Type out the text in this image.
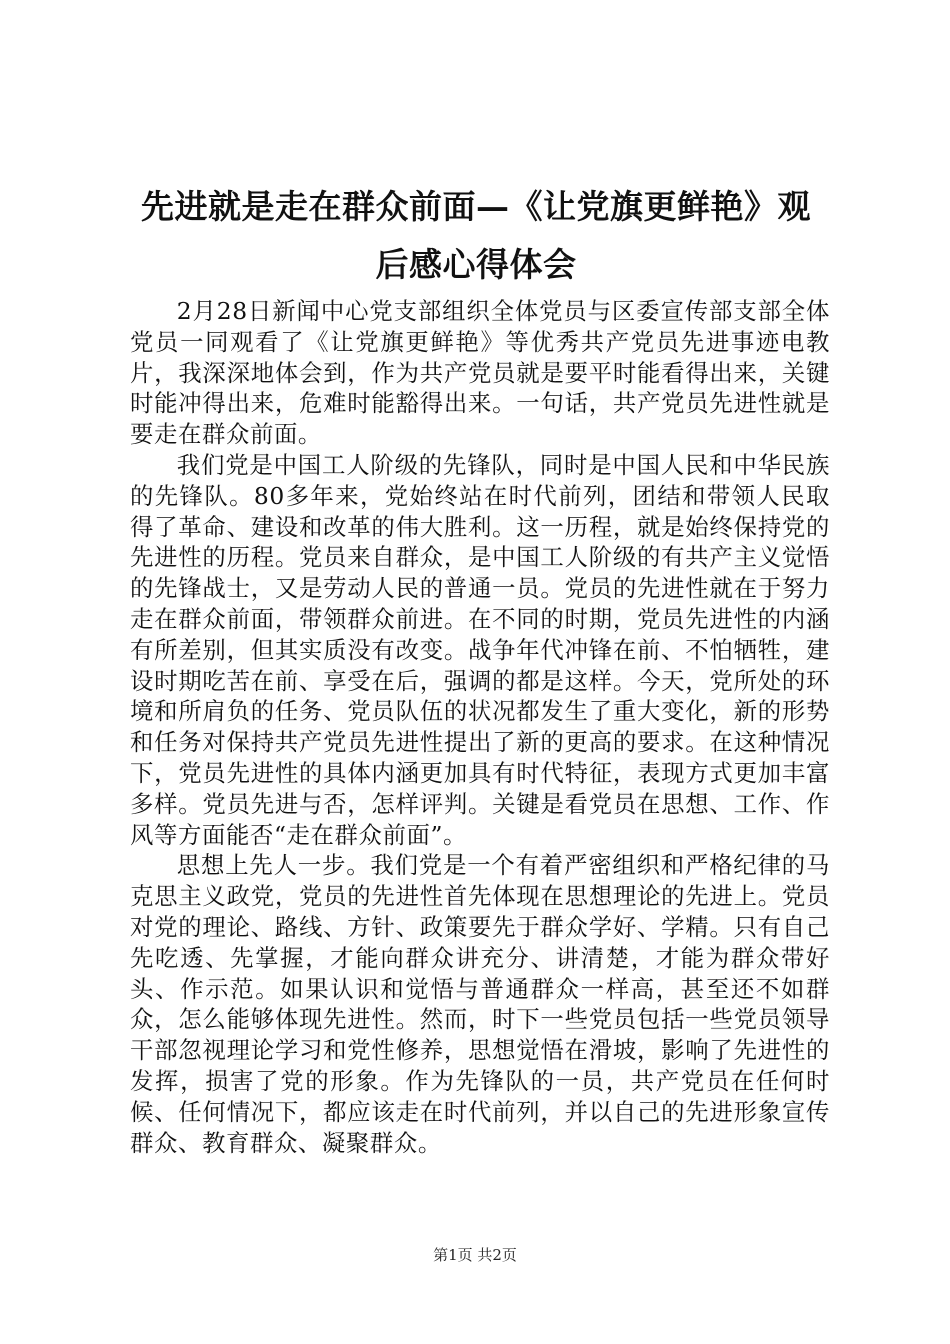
先进就是走在群众前面—《让党旗更鲜艳》观
后感心得体会

2月28日新闻中心党支部组织全体党员与区委宣传部支部全体党员一同观看了《让党旗更鲜艳》等优秀共产党员先进事迹电教片，我深深地体会到，作为共产党员就是要平时能看得出来，关键时能冲得出来，危难时能豁得出来。一句话，共产党员先进性就是要走在群众前面。

我们党是中国工人阶级的先锋队，同时是中国人民和中华民族的先锋队。80多年来，党始终站在时代前列，团结和带领人民取得了革命、建设和改革的伟大胜利。这一历程，就是始终保持党的先进性的历程。党员来自群众，是中国工人阶级的有共产主义觉悟的先锋战士，又是劳动人民的普通一员。党员的先进性就在于努力走在群众前面，带领群众前进。在不同的时期，党员先进性的内涵有所差别，但其实质没有改变。战争年代冲锋在前、不怕牺牲，建设时期吃苦在前、享受在后，强调的都是这样。今天，党所处的环境和所肩负的任务、党员队伍的状况都发生了重大变化，新的形势和任务对保持共产党员先进性提出了新的更高的要求。在这种情况下，党员先进性的具体内涵更加具有时代特征，表现方式更加丰富多样。党员先进与否，怎样评判。关键是看党员在思想、工作、作风等方面能否“走在群众前面”。

思想上先人一步。我们党是一个有着严密组织和严格纪律的马克思主义政党，党员的先进性首先体现在思想理论的先进上。党员对党的理论、路线、方针、政策要先于群众学好、学精。只有自己先吃透、先掌握，才能向群众讲充分、讲清楚，才能为群众带好头、作示范。如果认识和觉悟与普通群众一样高，甚至还不如群众，怎么能够体现先进性。然而，时下一些党员包括一些党员领导干部忽视理论学习和党性修养，思想觉悟在滑坡，影响了先进性的发挥，损害了党的形象。作为先锋队的一员，共产党员在任何时候、任何情况下，都应该走在时代前列，并以自己的先进形象宣传群众、教育群众、凝聚群众。

第1页 共2页
